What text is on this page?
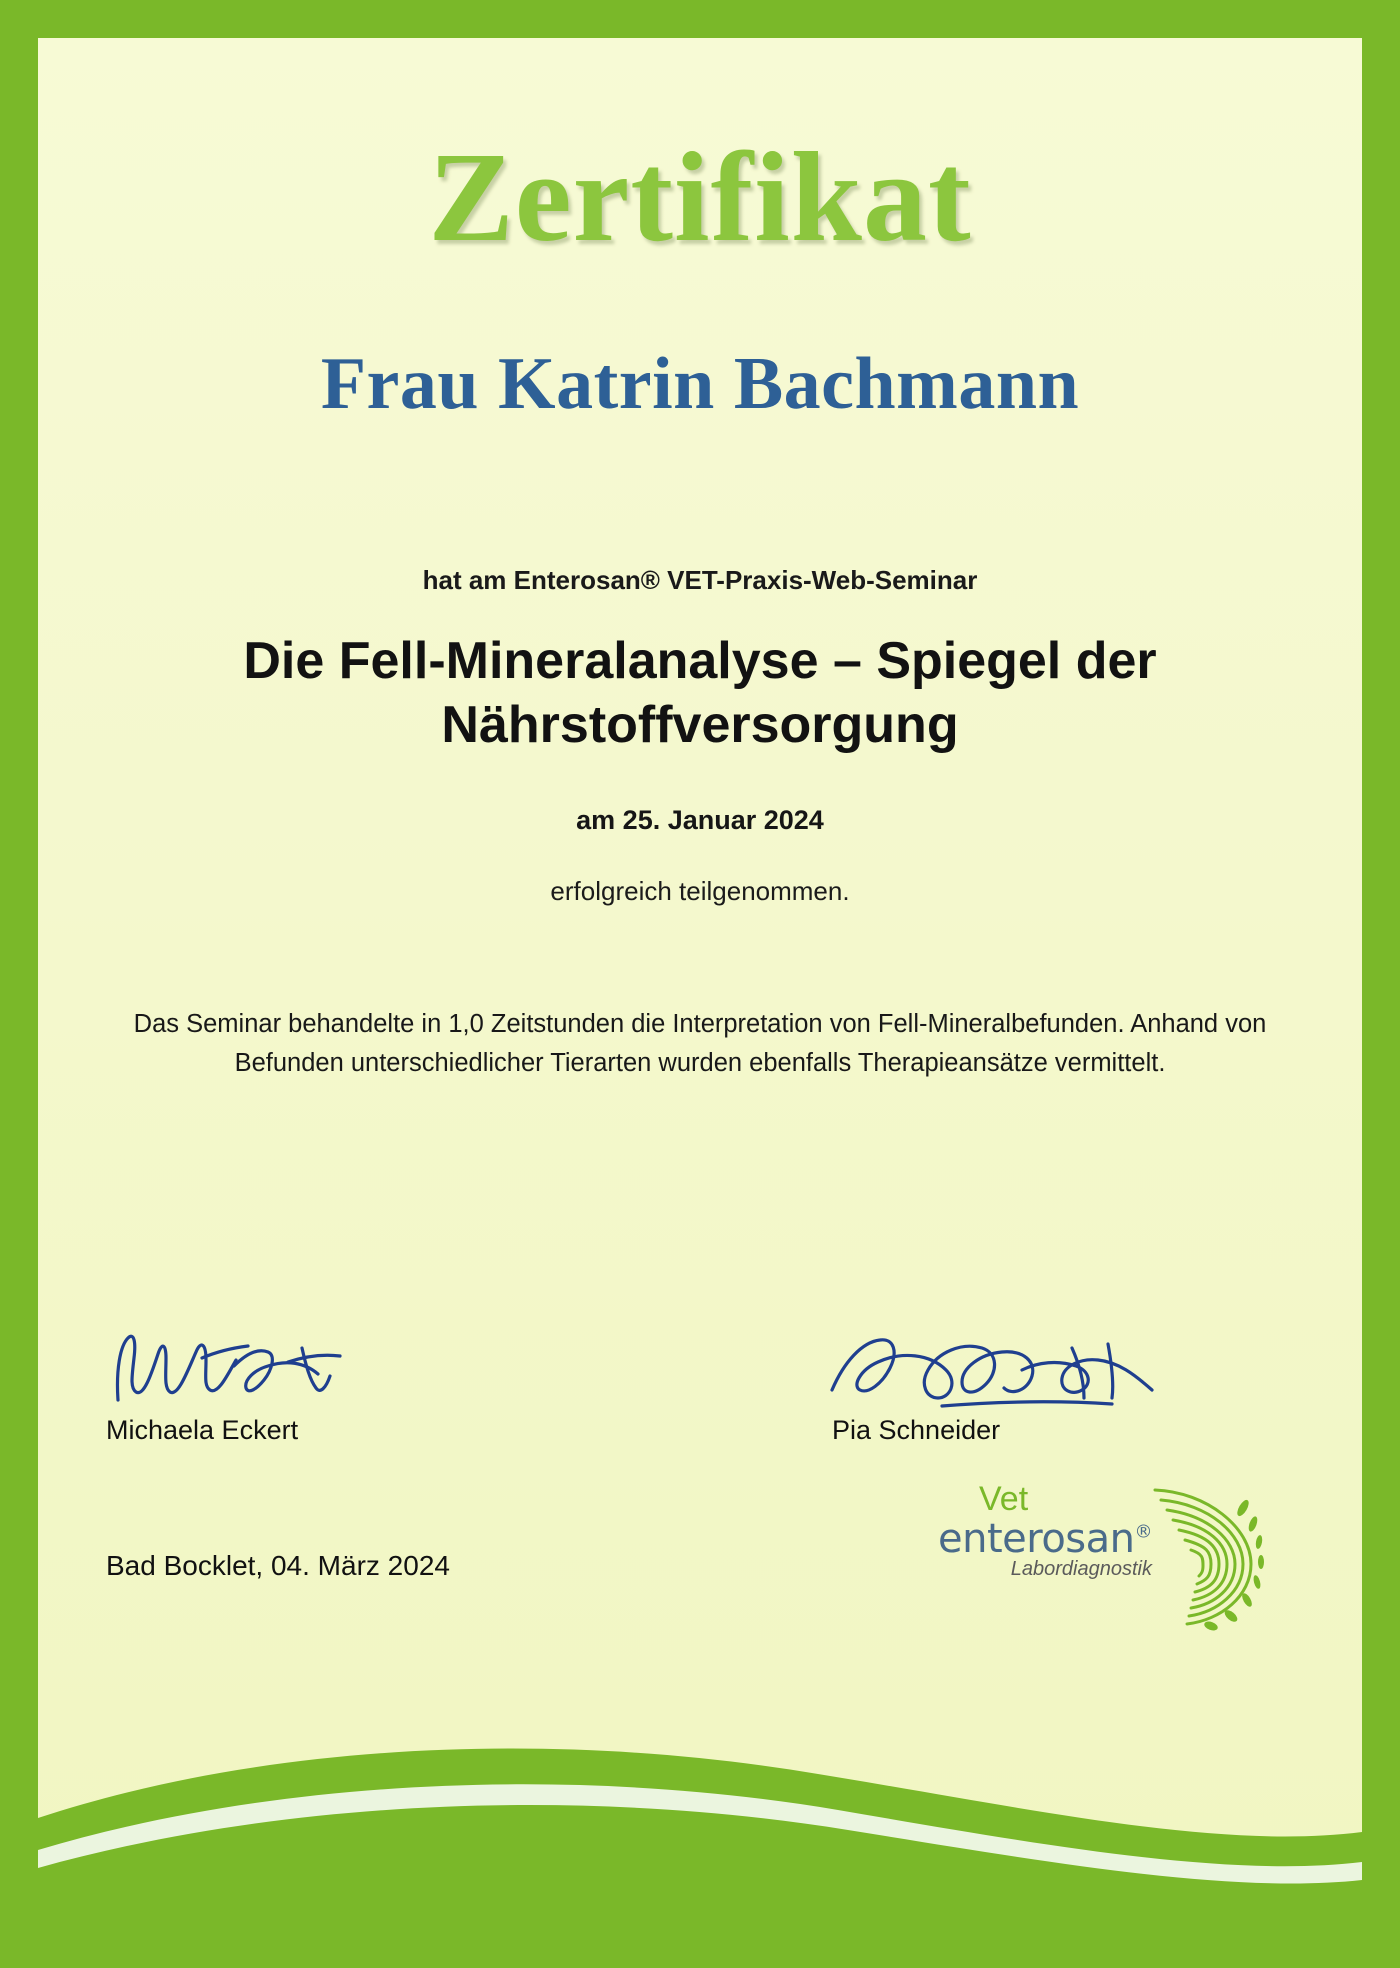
Zertifikat
Frau Katrin Bachmann
hat am Enterosan® VET-Praxis-Web-Seminar
Die Fell-Mineralanalyse – Spiegel der Nährstoffversorgung
am 25. Januar 2024
erfolgreich teilgenommen.
Das Seminar behandelte in 1,0 Zeitstunden die Interpretation von Fell-Mineralbefunden. Anhand von Befunden unterschiedlicher Tierarten wurden ebenfalls Therapieansätze vermittelt.
Michaela Eckert	Pia Schneider
Bad Bocklet, 04. März 2024
enterosan®
Labordiagnostik
Vet
